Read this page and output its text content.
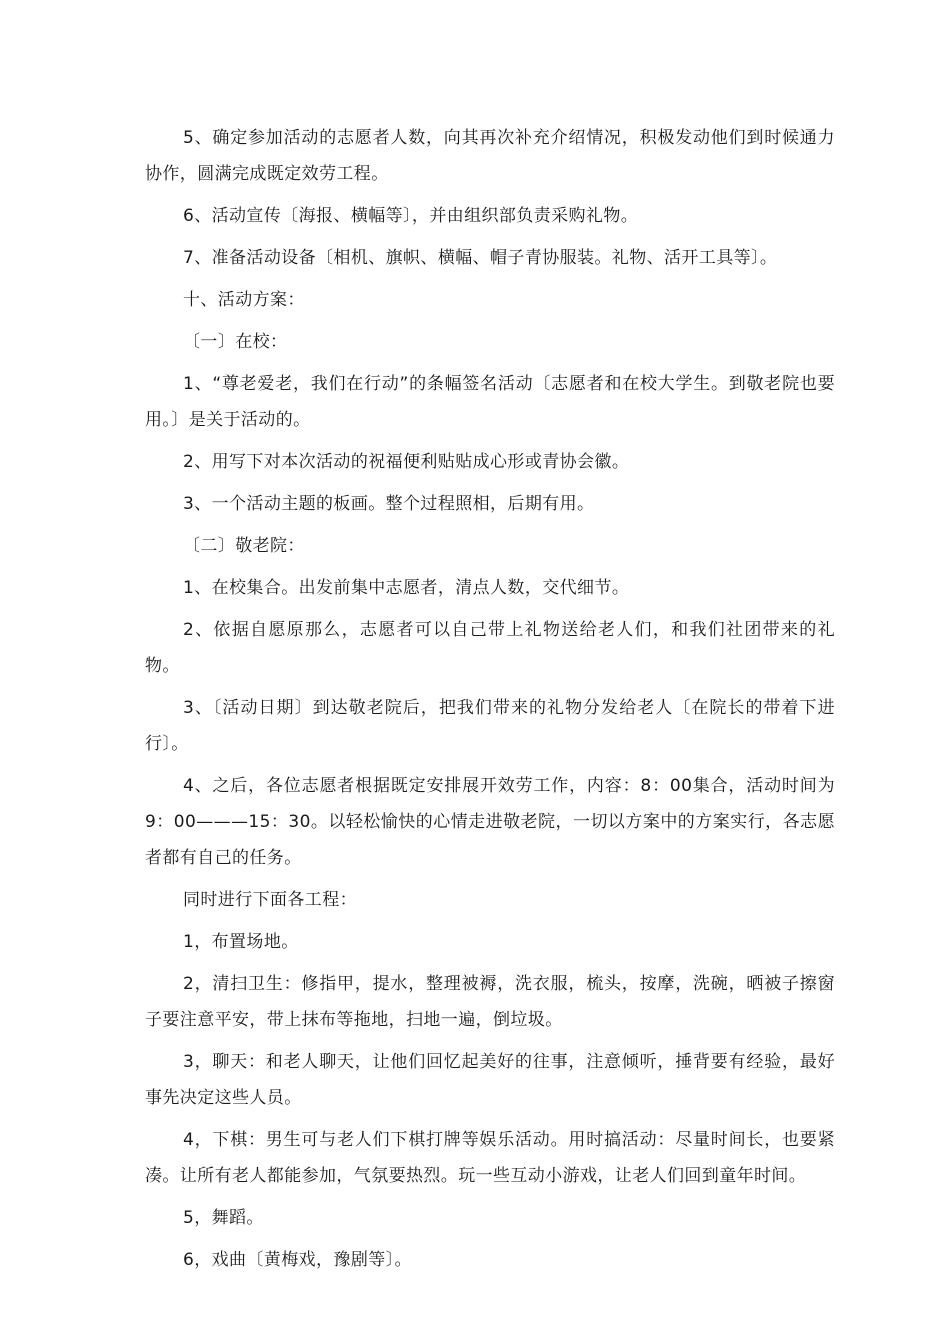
5、确定参加活动的志愿者人数，向其再次补充介绍情况，积极发动他们到时候通力协作，圆满完成既定效劳工程。

6、活动宣传〔海报、横幅等〕，并由组织部负责采购礼物。

7、准备活动设备〔相机、旗帜、横幅、帽子青协服装。礼物、活开工具等〕。

十、活动方案：

〔一〕在校：

1、“尊老爱老，我们在行动”的条幅签名活动〔志愿者和在校大学生。到敬老院也要用。〕是关于活动的。

2、用写下对本次活动的祝福便利贴贴成心形或青协会徽。

3、一个活动主题的板画。整个过程照相，后期有用。

〔二〕敬老院：

1、在校集合。出发前集中志愿者，清点人数，交代细节。

2、依据自愿原那么，志愿者可以自己带上礼物送给老人们，和我们社团带来的礼物。

3、〔活动日期〕到达敬老院后，把我们带来的礼物分发给老人〔在院长的带着下进行〕。

4、之后，各位志愿者根据既定安排展开效劳工作，内容：8：00集合，活动时间为9：00———15：30。以轻松愉快的心情走进敬老院，一切以方案中的方案实行，各志愿者都有自己的任务。

同时进行下面各工程：

1，布置场地。

2，清扫卫生：修指甲，提水，整理被褥，洗衣服，梳头，按摩，洗碗，晒被子擦窗子要注意平安，带上抹布等拖地，扫地一遍，倒垃圾。

3，聊天：和老人聊天，让他们回忆起美好的往事，注意倾听，捶背要有经验，最好事先决定这些人员。

4，下棋：男生可与老人们下棋打牌等娱乐活动。用时搞活动：尽量时间长，也要紧凑。让所有老人都能参加，气氛要热烈。玩一些互动小游戏，让老人们回到童年时间。

5，舞蹈。

6，戏曲〔黄梅戏，豫剧等〕。
